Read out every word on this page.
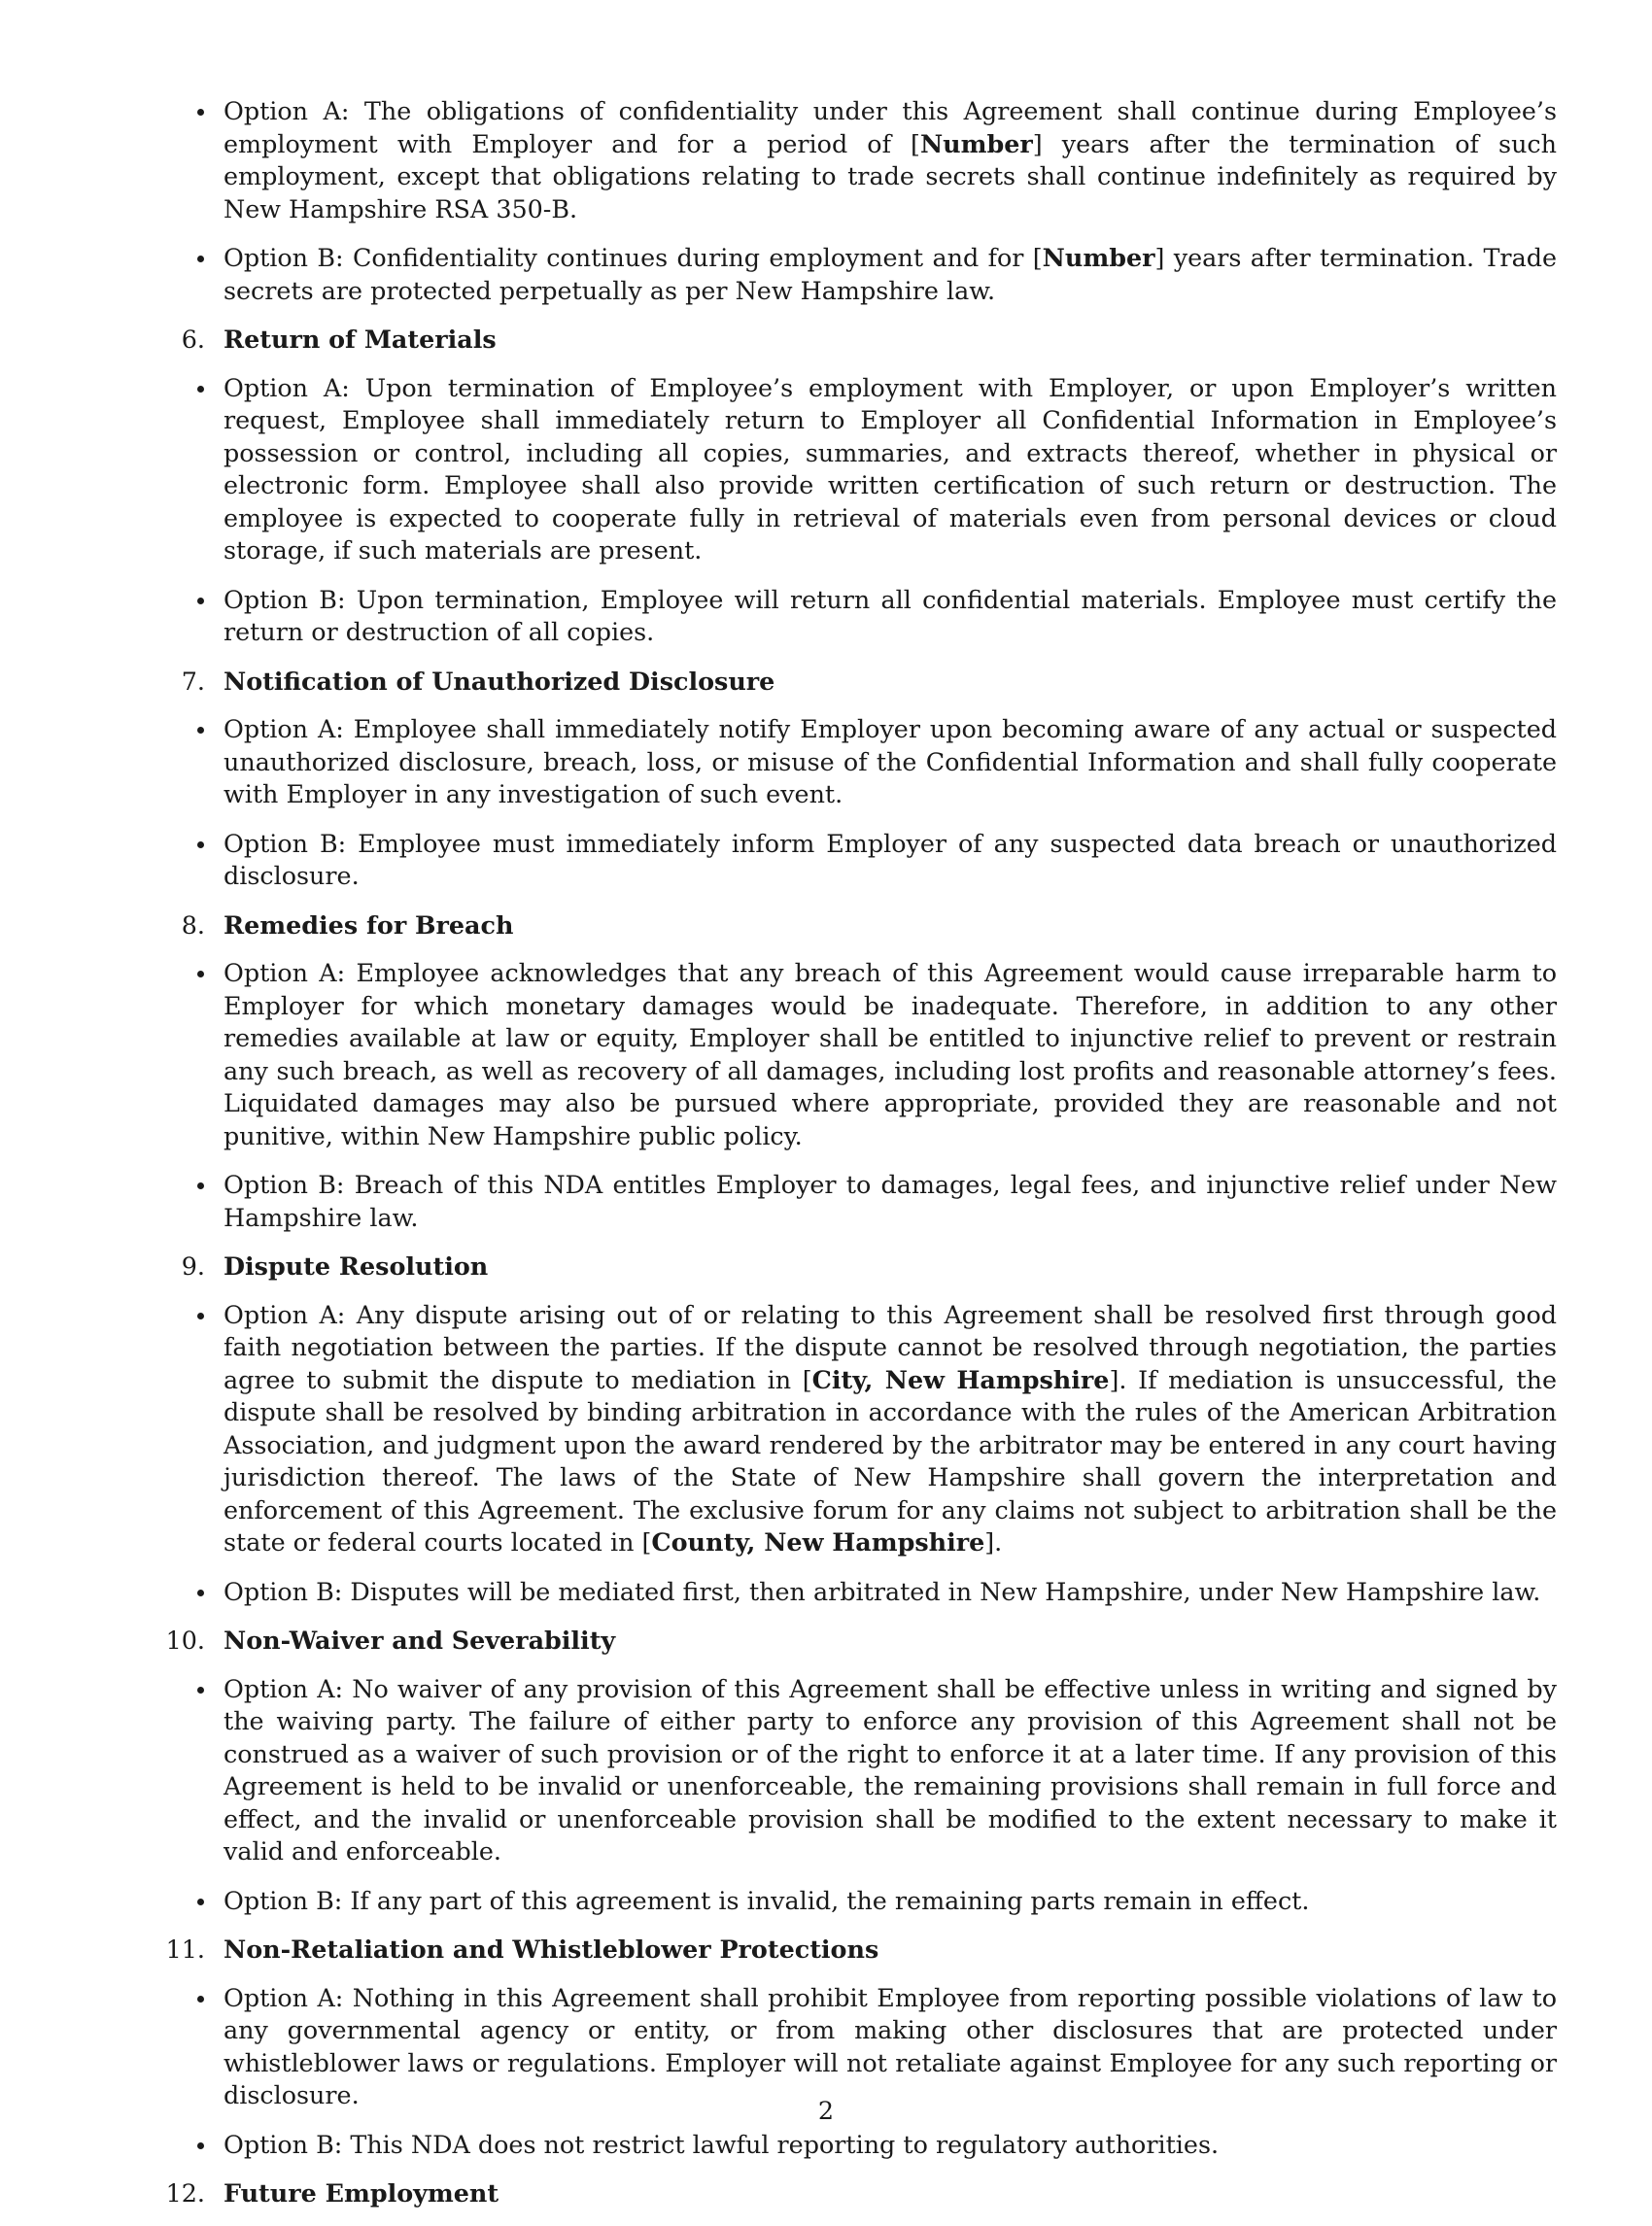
Option A: The obligations of confidentiality under this Agreement shall continue during Employee’s employment with Employer and for a period of [Number] years after the termination of such employment, except that obligations relating to trade secrets shall continue indefinitely as required by New Hampshire RSA 350-B.
Option B: Confidentiality continues during employment and for [Number] years after termination. Trade secrets are protected perpetually as per New Hampshire law.
6. Return of Materials
Option A: Upon termination of Employee’s employment with Employer, or upon Employer’s written request, Employee shall immediately return to Employer all Confidential Information in Employee’s possession or control, including all copies, summaries, and extracts thereof, whether in physical or electronic form. Employee shall also provide written certification of such return or destruction. The employee is expected to cooperate fully in retrieval of materials even from personal devices or cloud storage, if such materials are present.
Option B: Upon termination, Employee will return all confidential materials. Employee must certify the return or destruction of all copies.
7. Notification of Unauthorized Disclosure
Option A: Employee shall immediately notify Employer upon becoming aware of any actual or suspected unauthorized disclosure, breach, loss, or misuse of the Confidential Information and shall fully cooperate with Employer in any investigation of such event.
Option B: Employee must immediately inform Employer of any suspected data breach or unauthorized disclosure.
8. Remedies for Breach
Option A: Employee acknowledges that any breach of this Agreement would cause irreparable harm to Employer for which monetary damages would be inadequate. Therefore, in addition to any other remedies available at law or equity, Employer shall be entitled to injunctive relief to prevent or restrain any such breach, as well as recovery of all damages, including lost profits and reasonable attorney’s fees. Liquidated damages may also be pursued where appropriate, provided they are reasonable and not punitive, within New Hampshire public policy.
Option B: Breach of this NDA entitles Employer to damages, legal fees, and injunctive relief under New Hampshire law.
9. Dispute Resolution
Option A: Any dispute arising out of or relating to this Agreement shall be resolved first through good faith negotiation between the parties. If the dispute cannot be resolved through negotiation, the parties agree to submit the dispute to mediation in [City, New Hampshire]. If mediation is unsuccessful, the dispute shall be resolved by binding arbitration in accordance with the rules of the American Arbitration Association, and judgment upon the award rendered by the arbitrator may be entered in any court having jurisdiction thereof. The laws of the State of New Hampshire shall govern the interpretation and enforcement of this Agreement. The exclusive forum for any claims not subject to arbitration shall be the state or federal courts located in [County, New Hampshire].
Option B: Disputes will be mediated first, then arbitrated in New Hampshire, under New Hampshire law.
10. Non-Waiver and Severability
Option A: No waiver of any provision of this Agreement shall be effective unless in writing and signed by the waiving party. The failure of either party to enforce any provision of this Agreement shall not be construed as a waiver of such provision or of the right to enforce it at a later time. If any provision of this Agreement is held to be invalid or unenforceable, the remaining provisions shall remain in full force and effect, and the invalid or unenforceable provision shall be modified to the extent necessary to make it valid and enforceable.
Option B: If any part of this agreement is invalid, the remaining parts remain in effect.
11. Non-Retaliation and Whistleblower Protections
Option A: Nothing in this Agreement shall prohibit Employee from reporting possible violations of law to any governmental agency or entity, or from making other disclosures that are protected under whistleblower laws or regulations. Employer will not retaliate against Employee for any such reporting or disclosure.
Option B: This NDA does not restrict lawful reporting to regulatory authorities.
12. Future Employment
2
